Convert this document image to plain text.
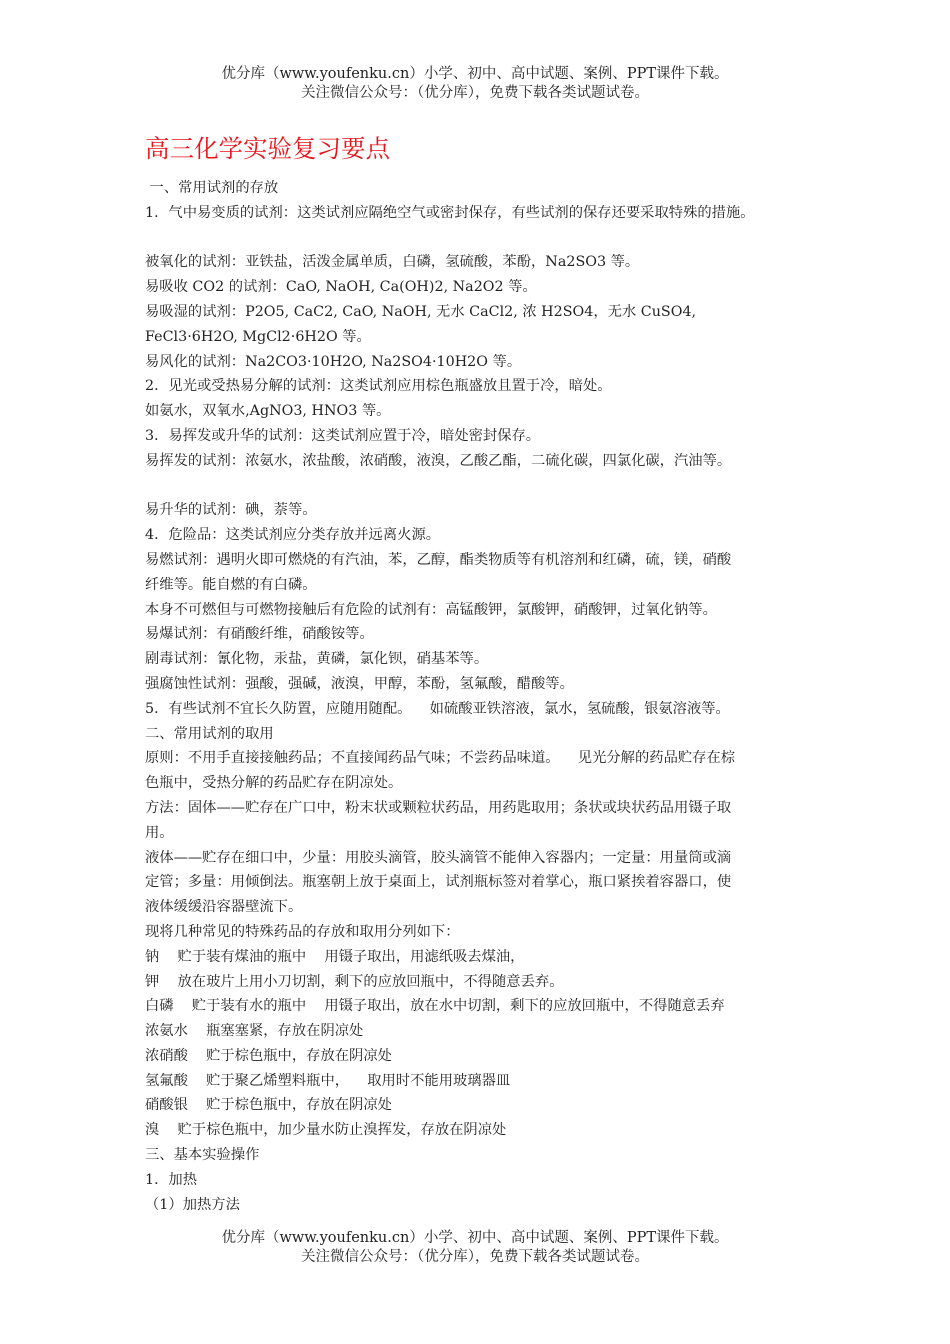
优分库（www.youfenku.cn）小学、初中、高中试题、案例、PPT课件下载。
关注微信公众号：（优分库），免费下载各类试题试卷。
高三化学实验复习要点
一、常用试剂的存放
1．气中易变质的试剂：这类试剂应隔绝空气或密封保存，有些试剂的保存还要采取特殊的措施。
被氧化的试剂：亚铁盐，活泼金属单质，白磷，氢硫酸，苯酚，Na2SO3 等。
易吸收 CO2 的试剂：CaO, NaOH, Ca(OH)2, Na2O2 等。
易吸湿的试剂：P2O5, CaC2, CaO, NaOH, 无水 CaCl2, 浓 H2SO4，无水 CuSO4,
FeCl3·6H2O, MgCl2·6H2O 等。
易风化的试剂：Na2CO3·10H2O, Na2SO4·10H2O 等。
2．见光或受热易分解的试剂：这类试剂应用棕色瓶盛放且置于冷，暗处。
如氨水，双氧水,AgNO3, HNO3 等。
3．易挥发或升华的试剂：这类试剂应置于冷，暗处密封保存。
易挥发的试剂：浓氨水，浓盐酸，浓硝酸，液溴，乙酸乙酯，二硫化碳，四氯化碳，汽油等。
易升华的试剂：碘，萘等。
4．危险品：这类试剂应分类存放并远离火源。
易燃试剂：遇明火即可燃烧的有汽油，苯，乙醇，酯类物质等有机溶剂和红磷，硫，镁，硝酸
纤维等。能自燃的有白磷。
本身不可燃但与可燃物接触后有危险的试剂有：高锰酸钾，氯酸钾，硝酸钾，过氧化钠等。
易爆试剂：有硝酸纤维，硝酸铵等。
剧毒试剂：氰化物，汞盐，黄磷，氯化钡，硝基苯等。
强腐蚀性试剂：强酸，强碱，液溴，甲醇，苯酚，氢氟酸，醋酸等。
5．有些试剂不宜长久防置，应随用随配。    如硫酸亚铁溶液，氯水，氢硫酸，银氨溶液等。
二、常用试剂的取用
原则：不用手直接接触药品；不直接闻药品气味；不尝药品味道。    见光分解的药品贮存在棕
色瓶中，受热分解的药品贮存在阴凉处。
方法：固体——贮存在广口中，粉末状或颗粒状药品，用药匙取用；条状或块状药品用镊子取
用。
液体——贮存在细口中，少量：用胶头滴管，胶头滴管不能伸入容器内；一定量：用量筒或滴
定管；多量：用倾倒法。瓶塞朝上放于桌面上，试剂瓶标签对着掌心，瓶口紧挨着容器口，使
液体缓缓沿容器壁流下。
现将几种常见的特殊药品的存放和取用分列如下：
钠    贮于装有煤油的瓶中    用镊子取出，用滤纸吸去煤油，
钾    放在玻片上用小刀切割，剩下的应放回瓶中，不得随意丢弃。
白磷    贮于装有水的瓶中    用镊子取出，放在水中切割，剩下的应放回瓶中，不得随意丢弃
浓氨水    瓶塞塞紧，存放在阴凉处
浓硝酸    贮于棕色瓶中，存放在阴凉处
氢氟酸    贮于聚乙烯塑料瓶中，    取用时不能用玻璃器皿
硝酸银    贮于棕色瓶中，存放在阴凉处
溴    贮于棕色瓶中，加少量水防止溴挥发，存放在阴凉处
三、基本实验操作
1．加热
（1）加热方法
优分库（www.youfenku.cn）小学、初中、高中试题、案例、PPT课件下载。
关注微信公众号：（优分库），免费下载各类试题试卷。
